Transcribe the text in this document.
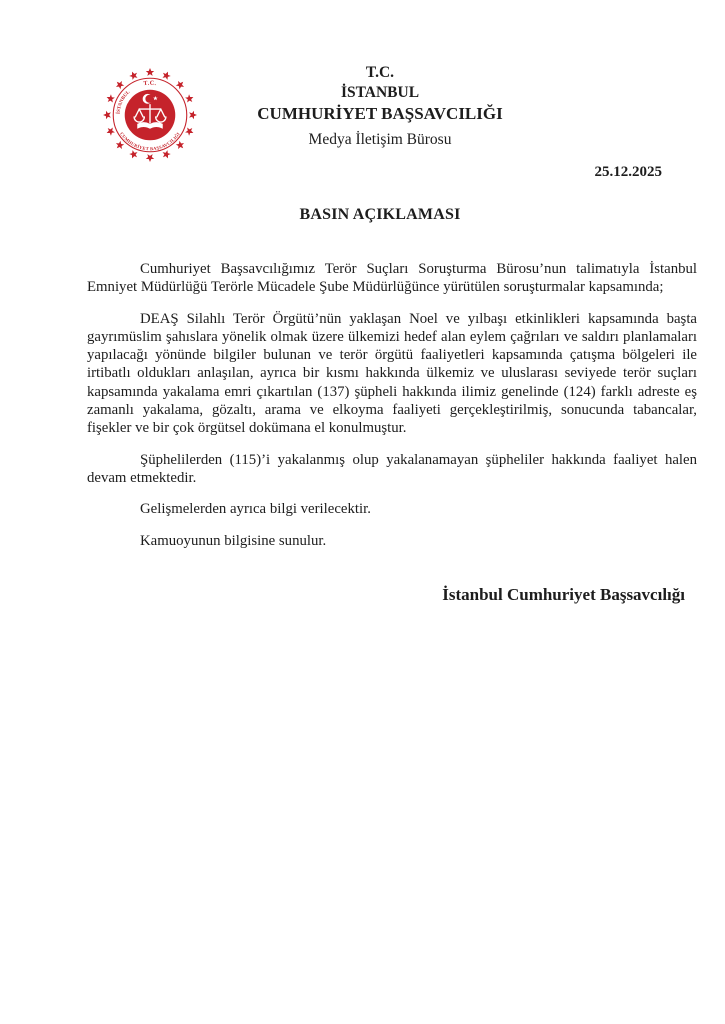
T.C.
İSTANBUL
CUMHURİYET BAŞSAVCILIĞI
T.C.
İSTANBUL
CUMHURİYET BAŞSAVCILIĞI
Medya İletişim Bürosu
25.12.2025
BASIN AÇIKLAMASI

Cumhuriyet Başsavcılığımız Terör Suçları Soruşturma Bürosu’nun talimatıyla İstanbul Emniyet Müdürlüğü Terörle Mücadele Şube Müdürlüğünce yürütülen soruşturmalar kapsamında;

DEAŞ Silahlı Terör Örgütü’nün yaklaşan Noel ve yılbaşı etkinlikleri kapsamında başta gayrımüslim şahıslara yönelik olmak üzere ülkemizi hedef alan eylem çağrıları ve saldırı planlamaları yapılacağı yönünde bilgiler bulunan ve terör örgütü faaliyetleri kapsamında çatışma bölgeleri ile irtibatlı oldukları anlaşılan, ayrıca bir kısmı hakkında ülkemiz ve uluslarası seviyede terör suçları kapsamında yakalama emri çıkartılan (137) şüpheli hakkında ilimiz genelinde (124) farklı adreste eş zamanlı yakalama, gözaltı, arama ve elkoyma faaliyeti gerçekleştirilmiş, sonucunda tabancalar, fişekler ve bir çok örgütsel dokümana el konulmuştur.

Şüphelilerden (115)’i yakalanmış olup yakalanamayan şüpheliler hakkında faaliyet halen devam etmektedir.

Gelişmelerden ayrıca bilgi verilecektir.

Kamuoyunun bilgisine sunulur.

İstanbul Cumhuriyet Başsavcılığı
